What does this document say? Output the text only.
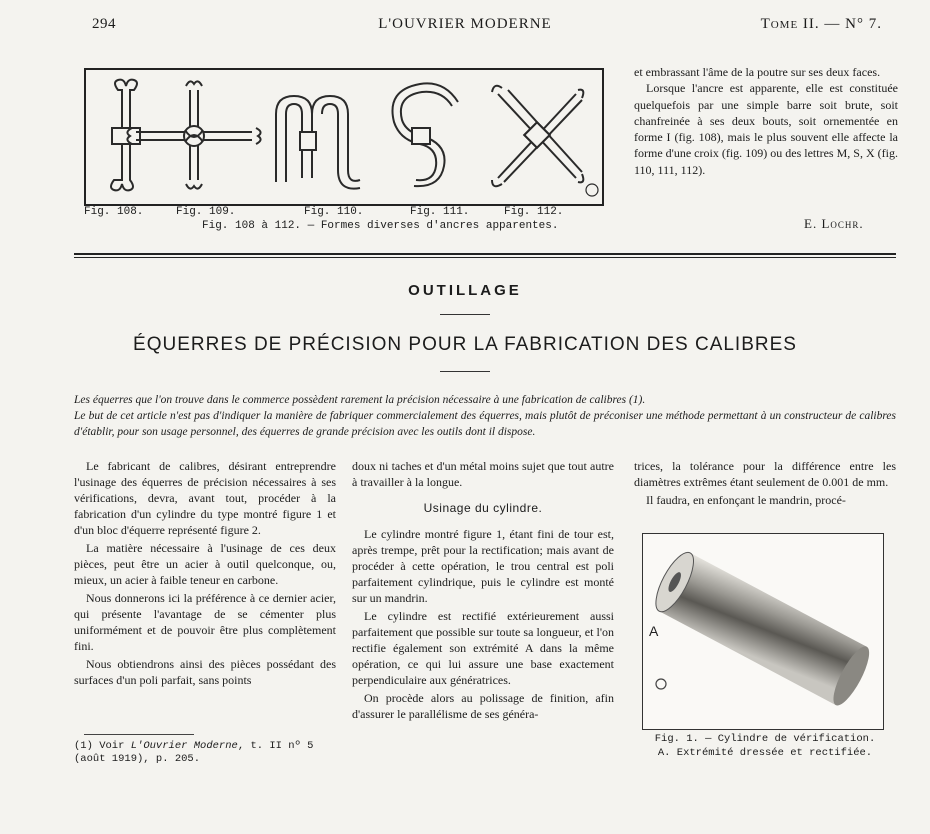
294	L'OUVRIER MODERNE	Tome II. — N° 7.
Fig. 108.	Fig. 109.	Fig. 110.	Fig. 111.	Fig. 112.
Fig. 108 à 112. — Formes diverses d'ancres apparentes.

et embrassant l'âme de la poutre sur ses deux faces.

Lorsque l'ancre est apparente, elle est constituée quelquefois par une simple barre soit brute, soit chanfreinée à ses deux bouts, soit ornementée en forme I (fig. 108), mais le plus souvent elle affecte la forme d'une croix (fig. 109) ou des lettres M, S, X (fig. 110, 111, 112).

E. Lochr.
OUTILLAGE
ÉQUERRES DE PRÉCISION POUR LA FABRICATION DES CALIBRES

Les équerres que l'on trouve dans le commerce possèdent rarement la précision nécessaire à une fabrication de calibres (1).

Le but de cet article n'est pas d'indiquer la manière de fabriquer commercialement des équerres, mais plutôt de préconiser une méthode permettant à un constructeur de calibres d'établir, pour son usage personnel, des équerres de grande précision avec les outils dont il dispose.

Le fabricant de calibres, désirant entreprendre l'usinage des équerres de précision nécessaires à ses vérifications, devra, avant tout, procéder à la fabrication d'un cylindre du type montré figure 1 et d'un bloc d'équerre représenté figure 2.

La matière nécessaire à l'usinage de ces deux pièces, peut être un acier à outil quelconque, ou, mieux, un acier à faible teneur en carbone.

Nous donnerons ici la préférence à ce dernier acier, qui présente l'avantage de se cémenter plus uniformément et de pouvoir être plus complètement fini.

Nous obtiendrons ainsi des pièces possédant des surfaces d'un poli parfait, sans points

(1) Voir L'Ouvrier Moderne, t. II nº 5 (août 1919), p. 205.

doux ni taches et d'un métal moins sujet que tout autre à travailler à la longue.

Usinage du cylindre.

Le cylindre montré figure 1, étant fini de tour est, après trempe, prêt pour la rectification; mais avant de procéder à cette opération, le trou central est poli parfaitement cylindrique, puis le cylindre est monté sur un mandrin.

Le cylindre est rectifié extérieurement aussi parfaitement que possible sur toute sa longueur, et l'on rectifie également son extrémité A dans la même opération, ce qui lui assure une base exactement perpendiculaire aux génératrices.

On procède alors au polissage de finition, afin d'assurer le parallélisme de ses généra-

trices, la tolérance pour la différence entre les diamètres extrêmes étant seulement de 0.001 de mm.

Il faudra, en enfonçant le mandrin, procé-

A
Fig. 1. — Cylindre de vérification.
A. Extrémité dressée et rectifiée.
